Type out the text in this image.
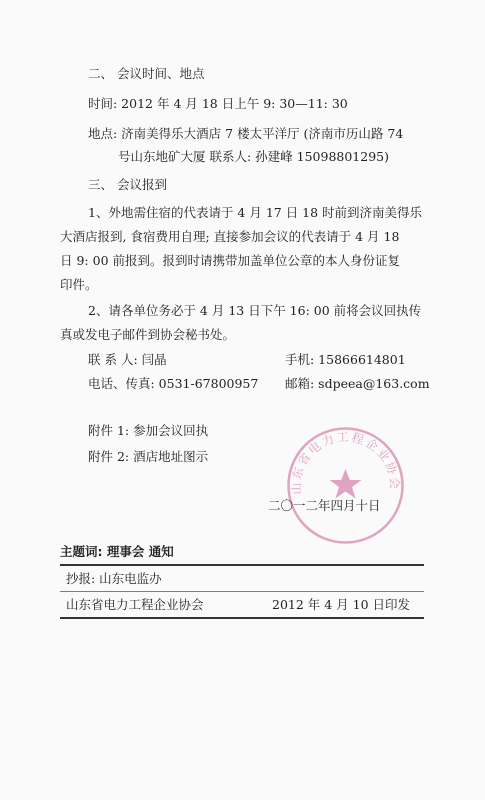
二、 会议时间、地点
时间: 2012 年 4 月 18 日上午 9: 30—11: 30
地点: 济南美得乐大酒店 7 楼太平洋厅 (济南市历山路 74
号山东地矿大厦 联系人: 孙建峰 15098801295)
三、 会议报到
1、外地需住宿的代表请于 4 月 17 日 18 时前到济南美得乐
大酒店报到, 食宿费用自理; 直接参加会议的代表请于 4 月 18
日 9: 00 前报到。报到时请携带加盖单位公章的本人身份证复
印件。
2、请各单位务必于 4 月 13 日下午 16: 00 前将会议回执传
真或发电子邮件到协会秘书处。
联 系 人: 闫晶	手机: 15866614801
电话、传真: 0531-67800957 邮箱: sdpeea@163.com
附件 1: 参加会议回执
附件 2: 酒店地址图示
山东省电力工程企业协会
二〇一二年四月十日
主题词: 理事会 通知
抄报: 山东电监办
山东省电力工程企业协会	2012 年 4 月 10 日印发
